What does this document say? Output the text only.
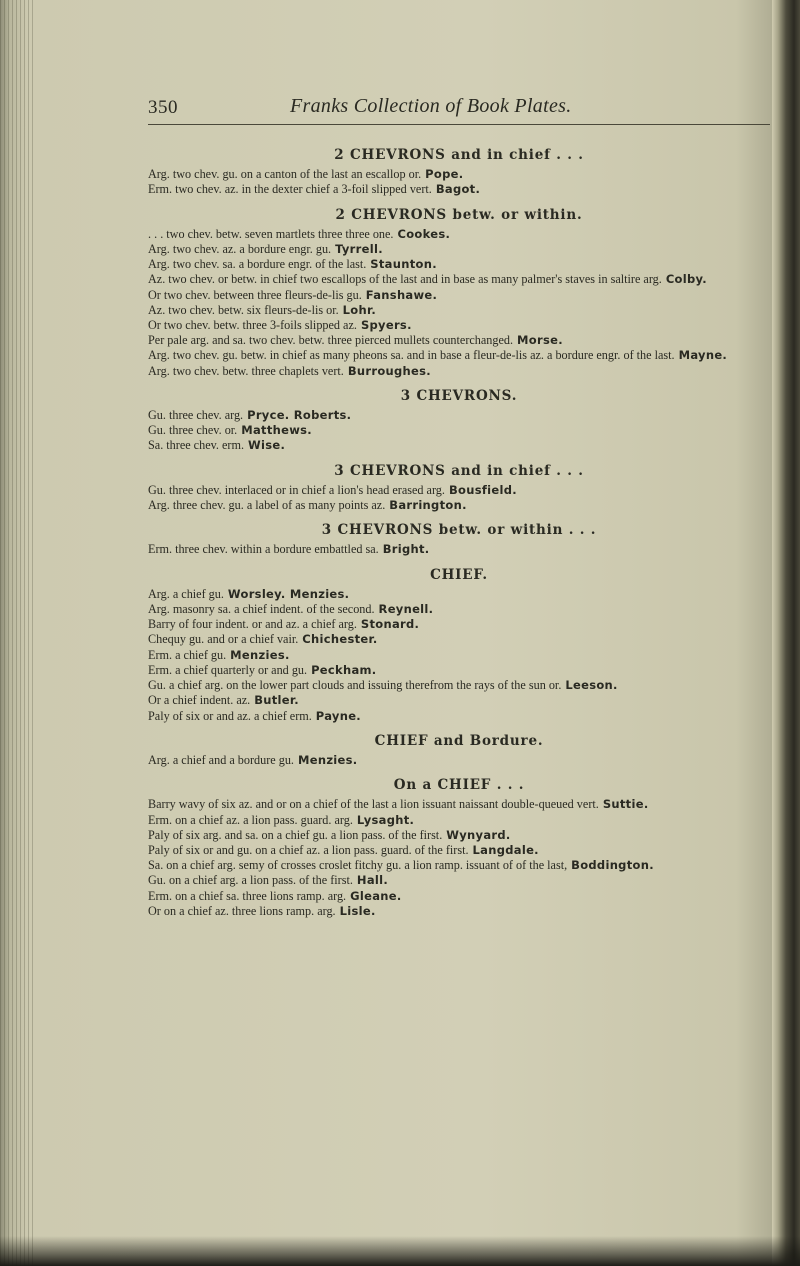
350	Franks Collection of Book Plates.
2 CHEVRONS and in chief . . .

Arg. two chev. gu. on a canton of the last an escallop or. Pope.

Erm. two chev. az. in the dexter chief a 3-foil slipped vert. Bagot.

2 CHEVRONS betw. or within.

. . . two chev. betw. seven martlets three three one. Cookes.

Arg. two chev. az. a bordure engr. gu. Tyrrell.

Arg. two chev. sa. a bordure engr. of the last. Staunton.

Az. two chev. or betw. in chief two escallops of the last and in base as many palmer's staves in saltire arg. Colby.

Or two chev. between three fleurs-de-lis gu. Fanshawe.

Az. two chev. betw. six fleurs-de-lis or. Lohr.

Or two chev. betw. three 3-foils slipped az. Spyers.

Per pale arg. and sa. two chev. betw. three pierced mullets counterchanged. Morse.

Arg. two chev. gu. betw. in chief as many pheons sa. and in base a fleur-de-lis az. a bordure engr. of the last. Mayne.

Arg. two chev. betw. three chaplets vert. Burroughes.

3 CHEVRONS.

Gu. three chev. arg. Pryce. Roberts.

Gu. three chev. or. Matthews.

Sa. three chev. erm. Wise.

3 CHEVRONS and in chief . . .

Gu. three chev. interlaced or in chief a lion's head erased arg. Bousfield.

Arg. three chev. gu. a label of as many points az. Barrington.

3 CHEVRONS betw. or within . . .

Erm. three chev. within a bordure embattled sa. Bright.

CHIEF.

Arg. a chief gu. Worsley. Menzies.

Arg. masonry sa. a chief indent. of the second. Reynell.

Barry of four indent. or and az. a chief arg. Stonard.

Chequy gu. and or a chief vair. Chichester.

Erm. a chief gu. Menzies.

Erm. a chief quarterly or and gu. Peckham.

Gu. a chief arg. on the lower part clouds and issuing therefrom the rays of the sun or. Leeson.

Or a chief indent. az. Butler.

Paly of six or and az. a chief erm. Payne.

CHIEF and Bordure.

Arg. a chief and a bordure gu. Menzies.

On a CHIEF . . .

Barry wavy of six az. and or on a chief of the last a lion issuant naissant double-queued vert. Suttie.

Erm. on a chief az. a lion pass. guard. arg. Lysaght.

Paly of six arg. and sa. on a chief gu. a lion pass. of the first. Wynyard.

Paly of six or and gu. on a chief az. a lion pass. guard. of the first. Langdale.

Sa. on a chief arg. semy of crosses croslet fitchy gu. a lion ramp. issuant of of the last, Boddington.

Gu. on a chief arg. a lion pass. of the first. Hall.

Erm. on a chief sa. three lions ramp. arg. Gleane.

Or on a chief az. three lions ramp. arg. Lisle.
